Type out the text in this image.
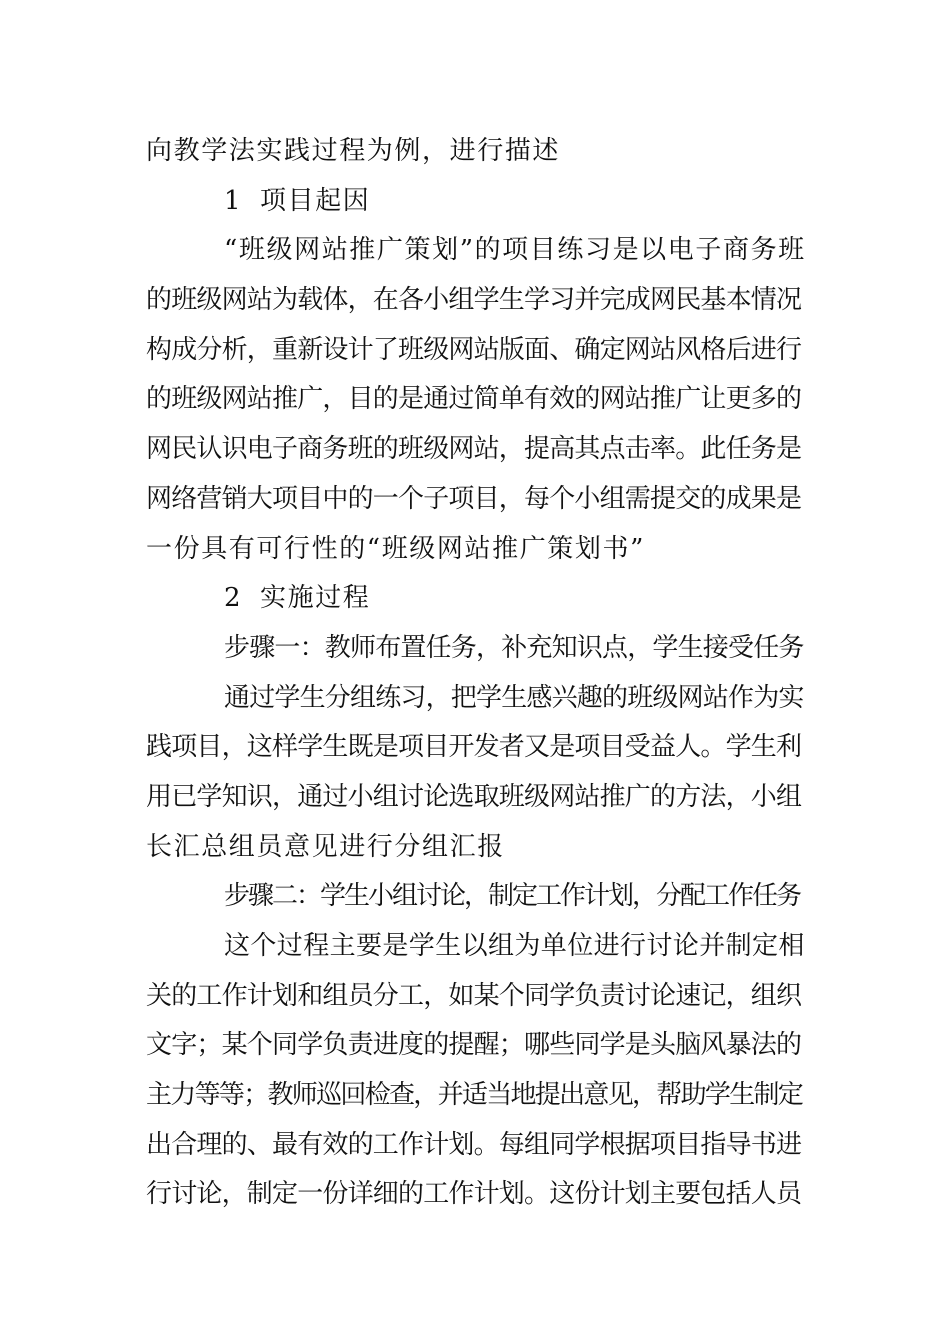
向教学法实践过程为例，进行描述
1 项目起因
“班级网站推广策划”的项目练习是以电子商务班
的班级网站为载体，在各小组学生学习并完成网民基本情况
构成分析，重新设计了班级网站版面、确定网站风格后进行
的班级网站推广，目的是通过简单有效的网站推广让更多的
网民认识电子商务班的班级网站，提高其点击率。此任务是
网络营销大项目中的一个子项目，每个小组需提交的成果是
一份具有可行性的“班级网站推广策划书”
2 实施过程
步骤一：教师布置任务，补充知识点，学生接受任务
通过学生分组练习，把学生感兴趣的班级网站作为实
践项目，这样学生既是项目开发者又是项目受益人。学生利
用已学知识，通过小组讨论选取班级网站推广的方法，小组
长汇总组员意见进行分组汇报
步骤二：学生小组讨论，制定工作计划，分配工作任务
这个过程主要是学生以组为单位进行讨论并制定相
关的工作计划和组员分工，如某个同学负责讨论速记，组织
文字；某个同学负责进度的提醒；哪些同学是头脑风暴法的
主力等等；教师巡回检查，并适当地提出意见，帮助学生制定
出合理的、最有效的工作计划。每组同学根据项目指导书进
行讨论，制定一份详细的工作计划。这份计划主要包括人员
